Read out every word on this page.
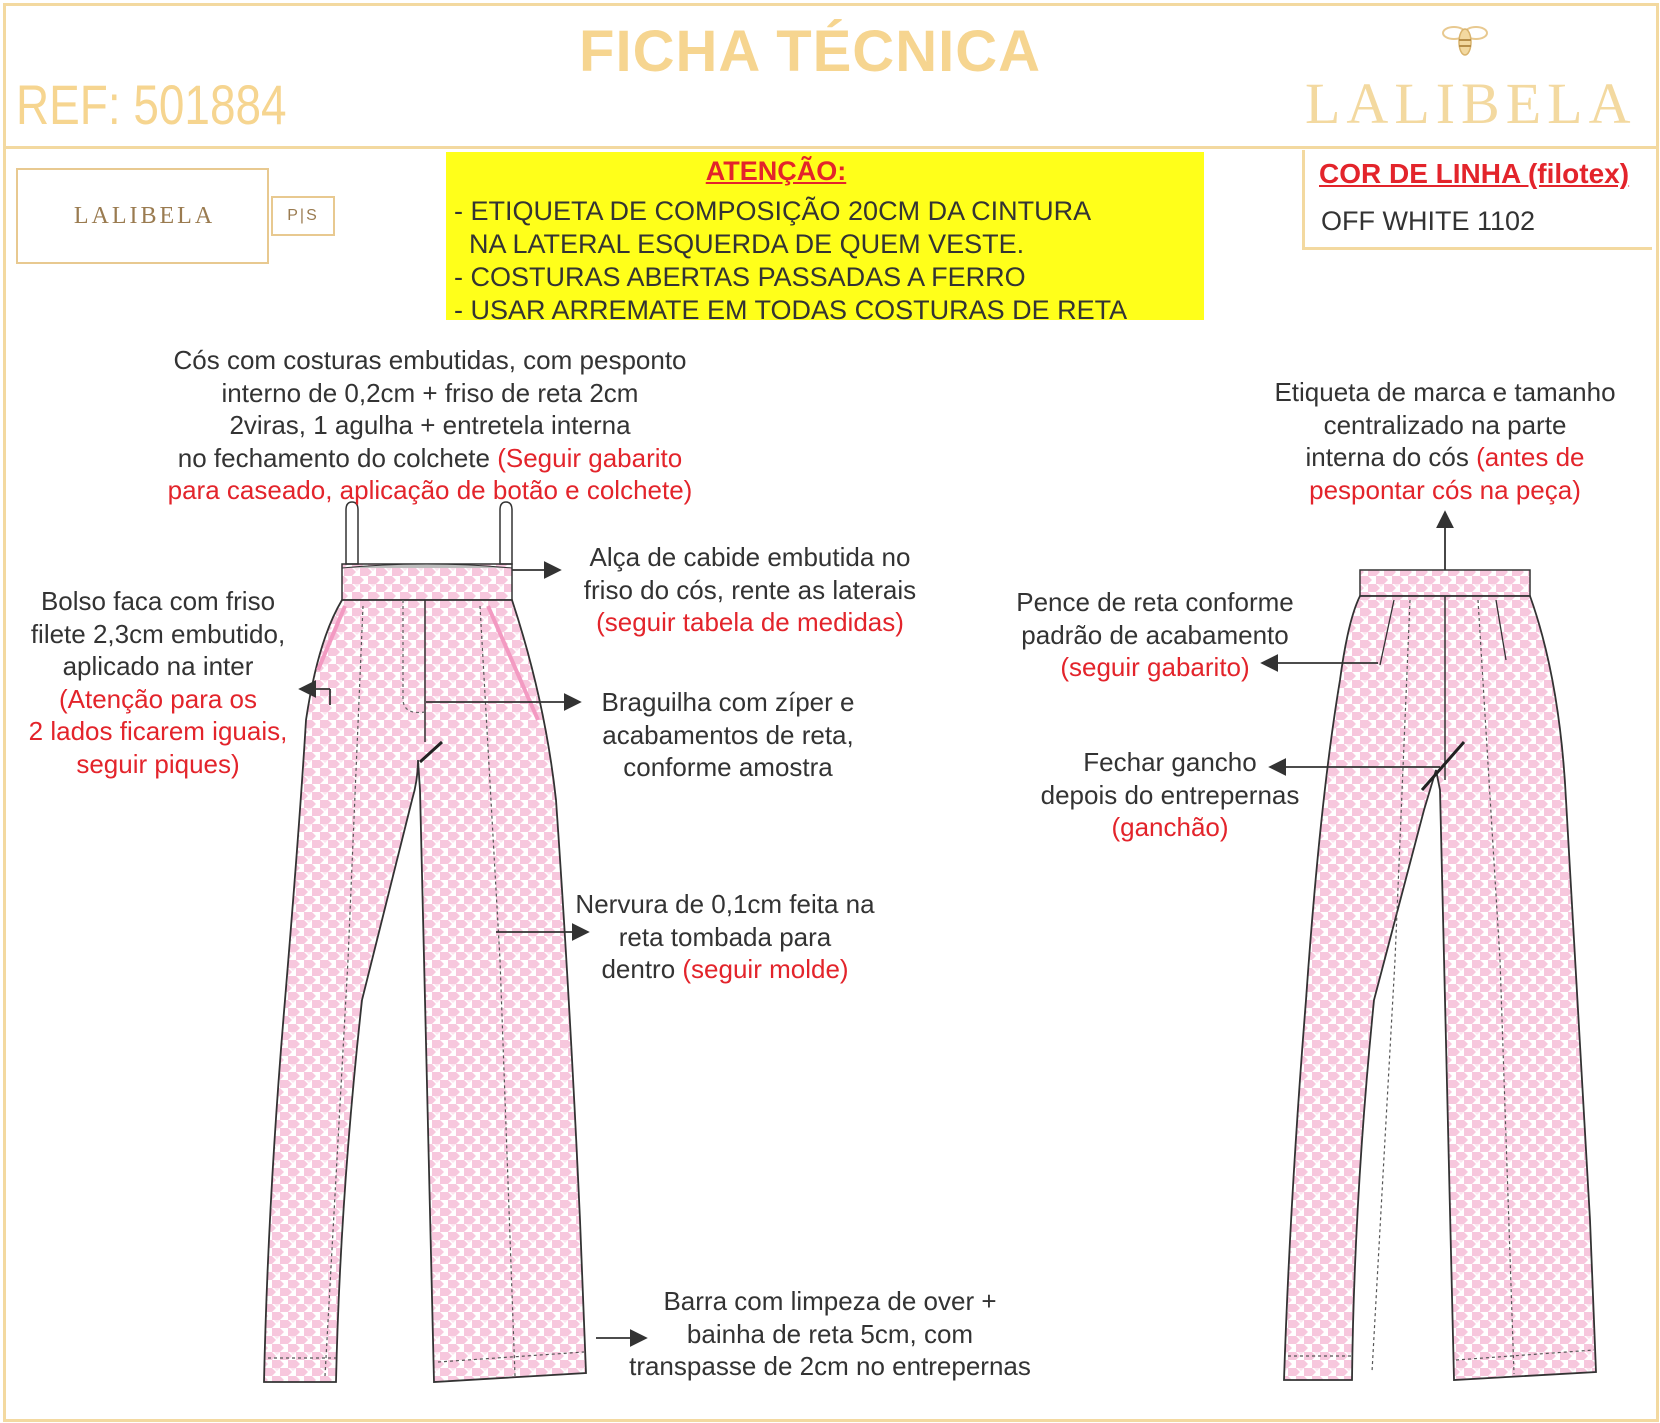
FICHA TÉCNICA
REF: 501884	LALIBELA
LALIBELA	P|S
ATENÇÃO:
- ETIQUETA DE COMPOSIÇÃO 20CM DA CINTURA
NA LATERAL ESQUERDA DE QUEM VESTE.
- COSTURAS ABERTAS PASSADAS A FERRO
- USAR ARREMATE EM TODAS COSTURAS DE RETA
COR DE LINHA (filotex)
OFF WHITE 1102
Cós com costuras embutidas, com pesponto
interno de 0,2cm + friso de reta 2cm
2viras, 1 agulha + entretela interna
no fechamento do colchete (Seguir gabarito
para caseado, aplicação de botão e colchete)
Alça de cabide embutida no
friso do cós, rente as laterais
(seguir tabela de medidas)
Bolso faca com friso
filete 2,3cm embutido,
aplicado na inter
(Atenção para os
2 lados ficarem iguais,
seguir piques)
Braguilha com zíper e
acabamentos de reta,
conforme amostra
Nervura de 0,1cm feita na
reta tombada para
dentro (seguir molde)
Barra com limpeza de over +
bainha de reta 5cm, com
transpasse de 2cm no entrepernas
Etiqueta de marca e tamanho
centralizado na parte
interna do cós (antes de
pespontar cós na peça)
Pence de reta conforme
padrão de acabamento
(seguir gabarito)
Fechar gancho
depois do entrepernas
(ganchão)
